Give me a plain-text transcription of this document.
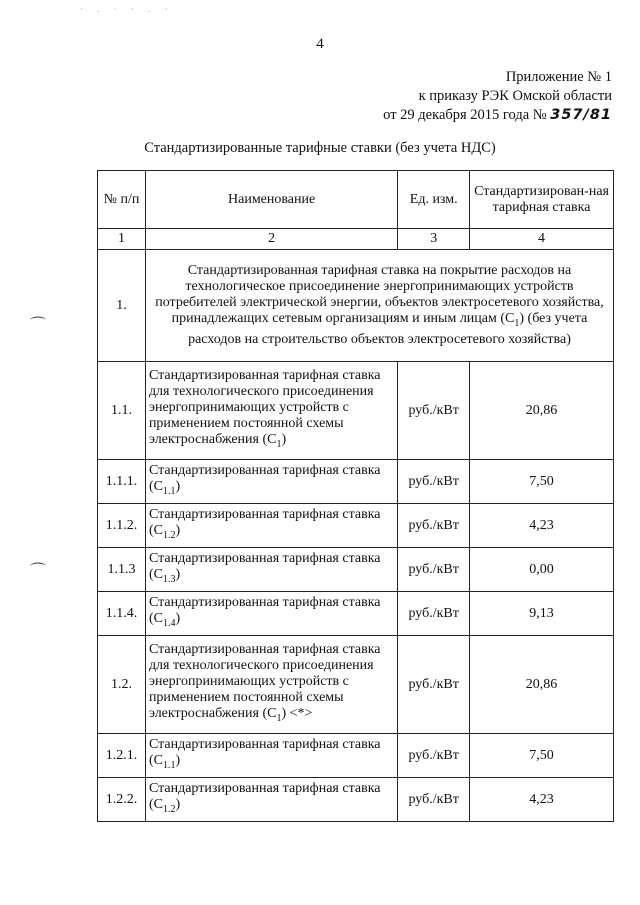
· . · · . ·
4
Приложение № 1
к приказу РЭК Омской области
от 29 декабря 2015 года № 357/81
Стандартизированные тарифные ставки (без учета НДС)
⌒
⌒
№ п/п	Наименование	Ед. изм.	Стандартизирован-ная тарифная ставка
1	2	3	4
1.	Стандартизированная тарифная ставка на покрытие расходов на технологическое присоединение энергопринимающих устройств потребителей электрической энергии, объектов электросетевого хозяйства, принадлежащих сетевым организациям и иным лицам $(С_1)$ (без учета расходов на строительство объектов электросетевого хозяйства)		
1.1.	Стандартизированная тарифная ставка для технологического присоединения энергопринимающих устройств с применением постоянной схемы электроснабжения $(С_1)$	руб./кВт	20,86
1.1.1.	Стандартизированная тарифная ставка $(С_{1.1})$	руб./кВт	7,50
1.1.2.	Стандартизированная тарифная ставка $(С_{1.2})$	руб./кВт	4,23
1.1.3	Стандартизированная тарифная ставка $(С_{1.3})$	руб./кВт	0,00
1.1.4.	Стандартизированная тарифная ставка $(С_{1.4})$	руб./кВт	9,13
1.2.	Стандартизированная тарифная ставка для технологического присоединения энергопринимающих устройств с применением постоянной схемы электроснабжения $(С_1)$ <*>	руб./кВт	20,86
1.2.1.	Стандартизированная тарифная ставка $(С_{1.1})$	руб./кВт	7,50
1.2.2.	Стандартизированная тарифная ставка $(С_{1.2})$	руб./кВт	4,23
